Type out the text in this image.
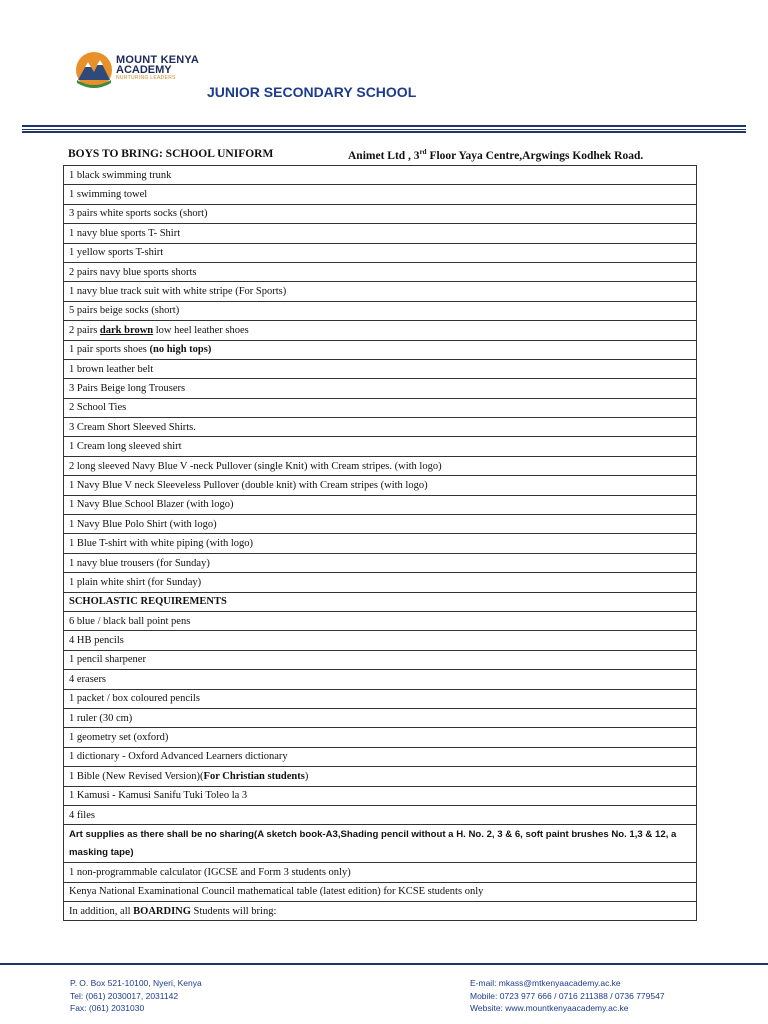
MOUNT KENYA
ACADEMY
NURTURING LEADERS
JUNIOR SECONDARY SCHOOL
BOYS TO BRING: SCHOOL UNIFORM	Animet Ltd , 3rd Floor Yaya Centre,Argwings Kodhek Road.
1 black swimming trunk
1 swimming towel
3 pairs white sports socks (short)
1 navy blue sports T- Shirt
1 yellow sports T-shirt
2 pairs navy blue sports shorts
1 navy blue track suit with white stripe (For Sports)
5 pairs beige socks (short)
2 pairs dark brown low heel leather shoes
1 pair sports shoes (no high tops)
1 brown leather belt
3 Pairs Beige long Trousers
2 School Ties
3 Cream Short Sleeved Shirts.
1 Cream long sleeved shirt
2 long sleeved Navy Blue V -neck Pullover (single Knit) with Cream stripes. (with logo)
1 Navy Blue V neck Sleeveless Pullover (double knit) with Cream stripes (with logo)
1 Navy Blue School Blazer (with logo)
1 Navy Blue Polo Shirt (with logo)
1 Blue T-shirt with white piping (with logo)
1 navy blue trousers (for Sunday)
1 plain white shirt (for Sunday)
SCHOLASTIC REQUIREMENTS
6 blue / black ball point pens
4 HB pencils
1 pencil sharpener
4 erasers
1 packet / box coloured pencils
1 ruler (30 cm)
1 geometry set (oxford)
1 dictionary - Oxford Advanced Learners dictionary
1 Bible (New Revised Version)(For Christian students)
1 Kamusi - Kamusi Sanifu Tuki Toleo la 3
4 files
Art supplies as there shall be no sharing(A sketch book-A3,Shading pencil without a H. No. 2, 3 & 6, soft paint brushes No. 1,3 & 12, a masking tape)
1 non-programmable calculator (IGCSE and Form 3 students only)
Kenya National Examinational Council mathematical table (latest edition) for KCSE students only
In addition, all BOARDING Students will bring:
P. O. Box 521-10100, Nyeri, Kenya
Tel: (061) 2030017, 2031142
Fax: (061) 2031030
E-mail: mkass@mtkenyaacademy.ac.ke
Mobile: 0723 977 666 / 0716 211388 / 0736 779547
Website: www.mountkenyaacademy.ac.ke
